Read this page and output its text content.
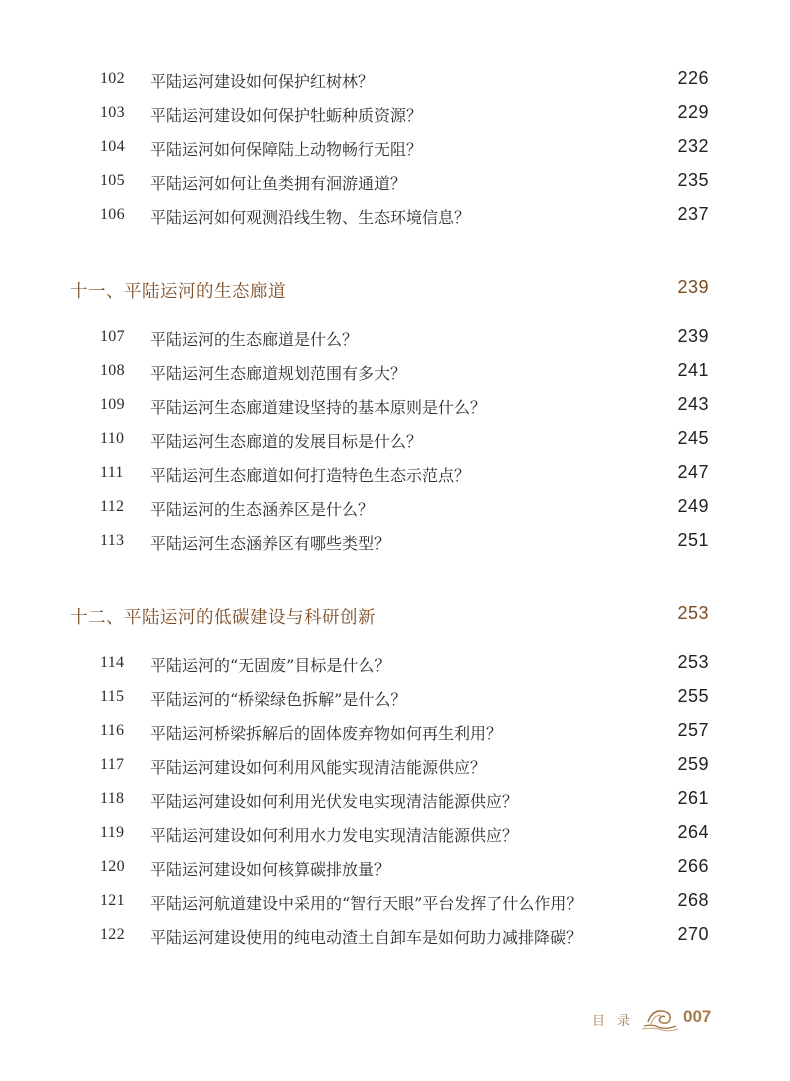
102 平陆运河建设如何保护红树林？	226
103 平陆运河建设如何保护牡蛎种质资源？	229
104 平陆运河如何保障陆上动物畅行无阻？	232
105 平陆运河如何让鱼类拥有洄游通道？	235
106 平陆运河如何观测沿线生物、生态环境信息？	237
十一、平陆运河的生态廊道	239
107 平陆运河的生态廊道是什么？	239
108 平陆运河生态廊道规划范围有多大？	241
109 平陆运河生态廊道建设坚持的基本原则是什么？	243
110 平陆运河生态廊道的发展目标是什么？	245
111 平陆运河生态廊道如何打造特色生态示范点？	247
112 平陆运河的生态涵养区是什么？	249
113 平陆运河生态涵养区有哪些类型？	251
十二、平陆运河的低碳建设与科研创新	253
114 平陆运河的“无固废”目标是什么？	253
115 平陆运河的“桥梁绿色拆解”是什么？	255
116 平陆运河桥梁拆解后的固体废弃物如何再生利用？	257
117 平陆运河建设如何利用风能实现清洁能源供应？	259
118 平陆运河建设如何利用光伏发电实现清洁能源供应？	261
119 平陆运河建设如何利用水力发电实现清洁能源供应？	264
120 平陆运河建设如何核算碳排放量？	266
121 平陆运河航道建设中采用的“智行天眼”平台发挥了什么作用？	268
122 平陆运河建设使用的纯电动渣土自卸车是如何助力减排降碳？	270
目录 007
